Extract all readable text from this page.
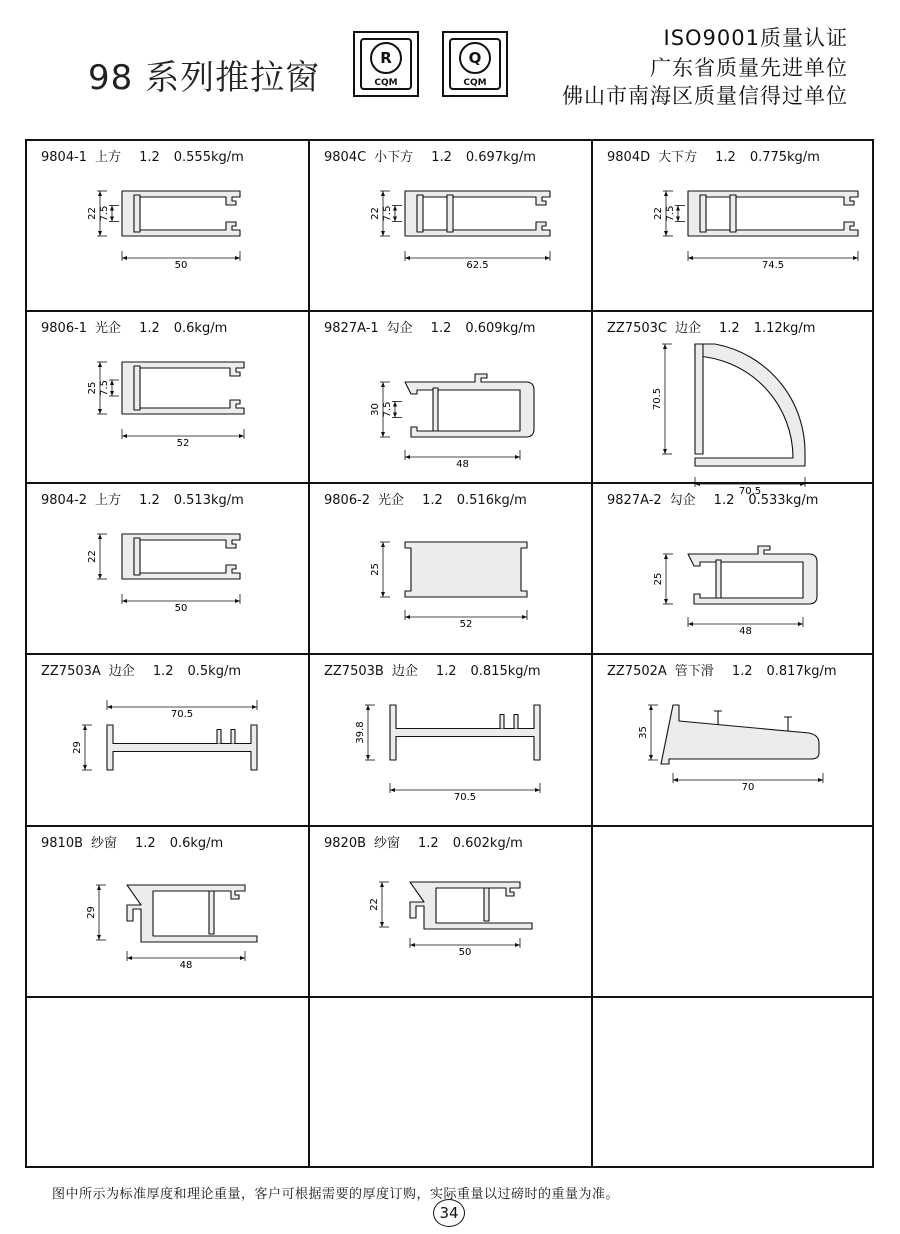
98 系列推拉窗	R
CQM
Q
CQM
ISO9001质量认证
广东省质量先进单位
佛山市南海区质量信得过单位
22 7.5
50
9804-1 上方 1.2 0.555kg/m
22 7.5
62.5
9804C 小下方 1.2 0.697kg/m
22 7.5
74.5
9804D 大下方 1.2 0.775kg/m
25 7.5
52
9806-1 光企 1.2 0.6kg/m
30 7.5
48
9827A-1 勾企 1.2 0.609kg/m
70.5
70.5
ZZ7503C 边企 1.2 1.12kg/m
22
50
9804-2 上方 1.2 0.513kg/m
25
52
9806-2 光企 1.2 0.516kg/m
25
48
9827A-2 勾企 1.2 0.533kg/m
70.5
29
ZZ7503A 边企 1.2 0.5kg/m
39.8
70.5
ZZ7503B 边企 1.2 0.815kg/m
35
70
ZZ7502A 管下滑 1.2 0.817kg/m
29
48
9810B 纱窗 1.2 0.6kg/m
22
50
9820B 纱窗 1.2 0.602kg/m
图中所示为标准厚度和理论重量，客户可根据需要的厚度订购，实际重量以过磅时的重量为准。
34
